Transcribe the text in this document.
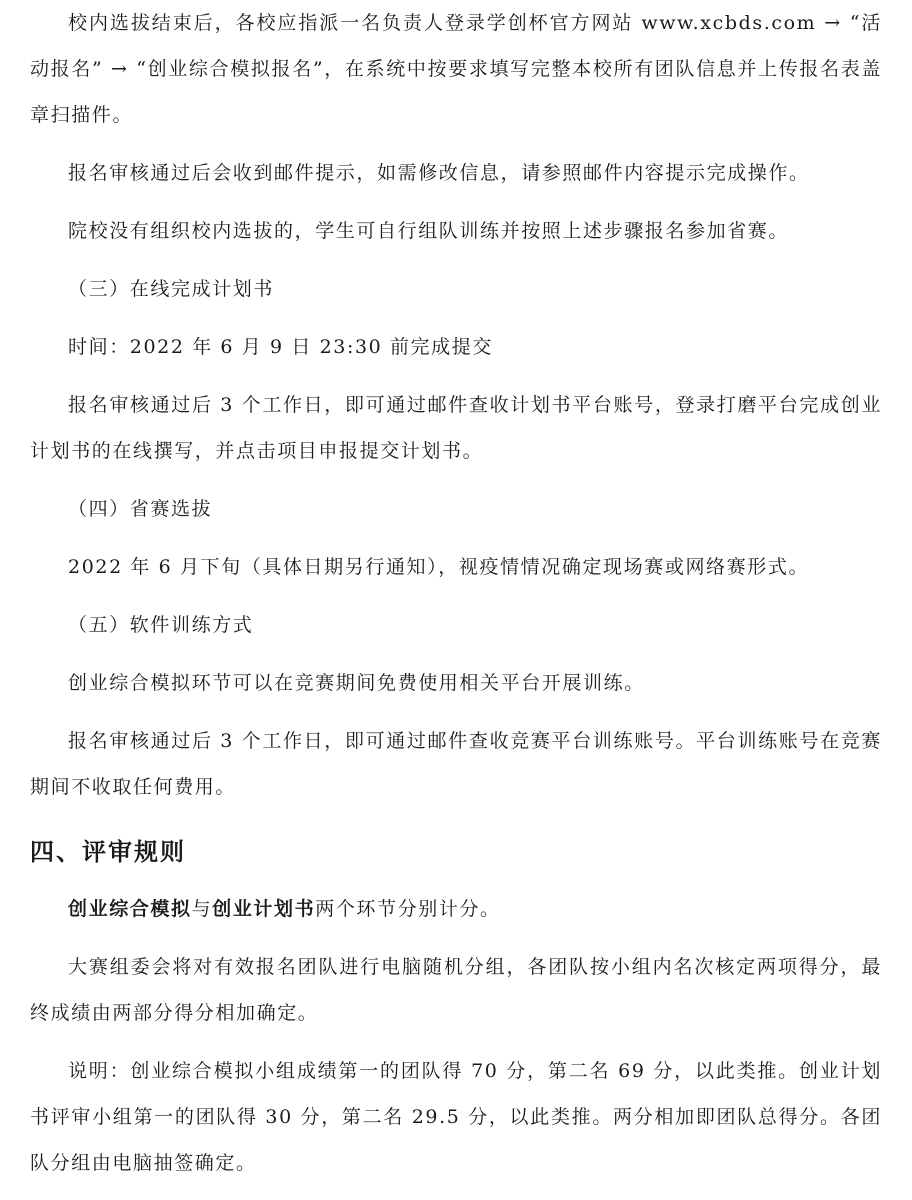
校内选拔结束后，各校应指派一名负责人登录学创杯官方网站 www.xcbds.com → “活动报名” → “创业综合模拟报名”，在系统中按要求填写完整本校所有团队信息并上传报名表盖章扫描件。

报名审核通过后会收到邮件提示，如需修改信息，请参照邮件内容提示完成操作。

院校没有组织校内选拔的，学生可自行组队训练并按照上述步骤报名参加省赛。

（三）在线完成计划书

时间：2022 年 6 月 9 日 23:30 前完成提交

报名审核通过后 3 个工作日，即可通过邮件查收计划书平台账号，登录打磨平台完成创业计划书的在线撰写，并点击项目申报提交计划书。

（四）省赛选拔

2022 年 6 月下旬（具体日期另行通知），视疫情情况确定现场赛或网络赛形式。

（五）软件训练方式

创业综合模拟环节可以在竞赛期间免费使用相关平台开展训练。

报名审核通过后 3 个工作日，即可通过邮件查收竞赛平台训练账号。平台训练账号在竞赛期间不收取任何费用。

四、评审规则

创业综合模拟与创业计划书两个环节分别计分。

大赛组委会将对有效报名团队进行电脑随机分组，各团队按小组内名次核定两项得分，最终成绩由两部分得分相加确定。

说明：创业综合模拟小组成绩第一的团队得 70 分，第二名 69 分，以此类推。创业计划书评审小组第一的团队得 30 分，第二名 29.5 分，以此类推。两分相加即团队总得分。各团队分组由电脑抽签确定。
